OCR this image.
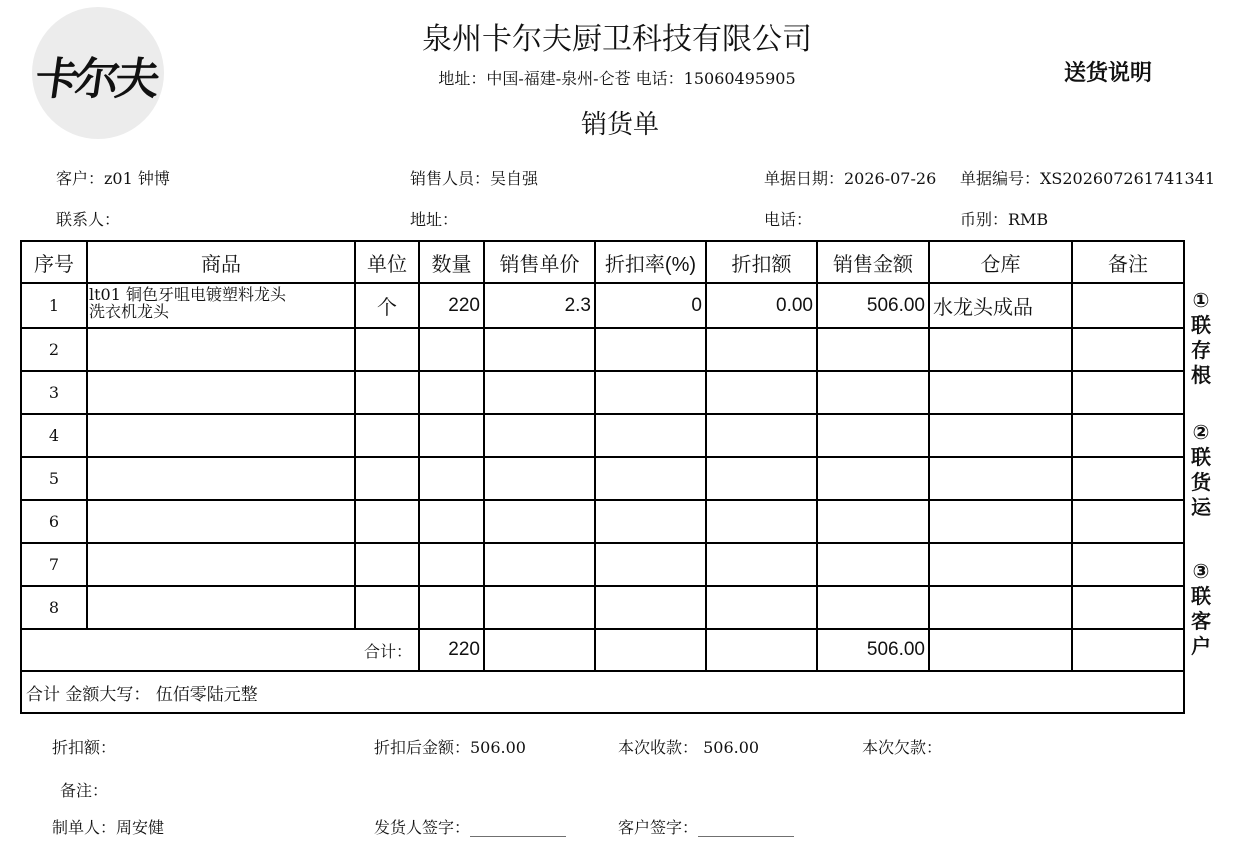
卡尔夫
泉州卡尔夫厨卫科技有限公司
地址：中国-福建-泉州-仑苍 电话：15060495905
销货单
送货说明
客户：z01 钟博	销售人员：吴自强	单据日期：2026-07-26 单据编号：XS202607261741341
联系人：	地址：	电话：	币别：RMB
序号	商品	单位	数量	销售单价	折扣率(%)	折扣额	销售金额	仓库	备注
1	lt01 铜色牙咀电镀塑料龙头
洗衣机龙头	个	220	2.3	0	0.00	506.00	水龙头成品	
2									
3									
4									
5									
6									
7									
8									
合计：			220				506.00		
合计 金额大写： 伍佰零陆元整									
①
联
存
根
②
联
货
运
③
联
客
户
折扣额：	折扣后金额：506.00	本次收款： 506.00	本次欠款：
备注：
制单人：周安健	发货人签字：____________	客户签字：____________
